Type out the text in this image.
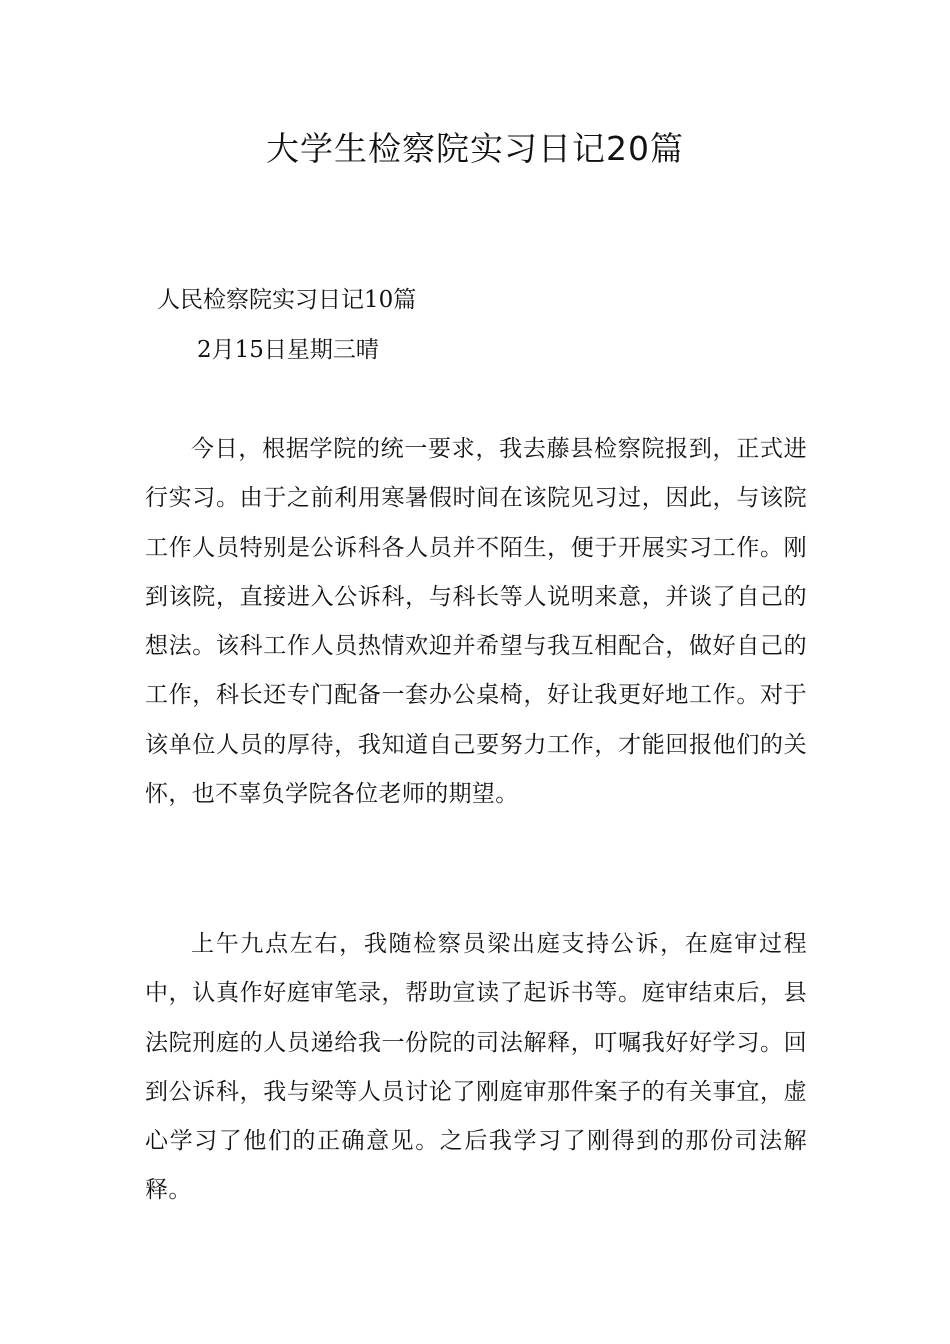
大学生检察院实习日记20篇

人民检察院实习日记10篇

2月15日星期三晴

今日，根据学院的统一要求，我去藤县检察院报到，正式进行实习。由于之前利用寒暑假时间在该院见习过，因此，与该院工作人员特别是公诉科各人员并不陌生，便于开展实习工作。刚到该院，直接进入公诉科，与科长等人说明来意，并谈了自己的想法。该科工作人员热情欢迎并希望与我互相配合，做好自己的工作，科长还专门配备一套办公桌椅，好让我更好地工作。对于该单位人员的厚待，我知道自己要努力工作，才能回报他们的关怀，也不辜负学院各位老师的期望。

上午九点左右，我随检察员梁出庭支持公诉，在庭审过程中，认真作好庭审笔录，帮助宣读了起诉书等。庭审结束后，县法院刑庭的人员递给我一份院的司法解释，叮嘱我好好学习。回到公诉科，我与梁等人员讨论了刚庭审那件案子的有关事宜，虚心学习了他们的正确意见。之后我学习了刚得到的那份司法解释。
